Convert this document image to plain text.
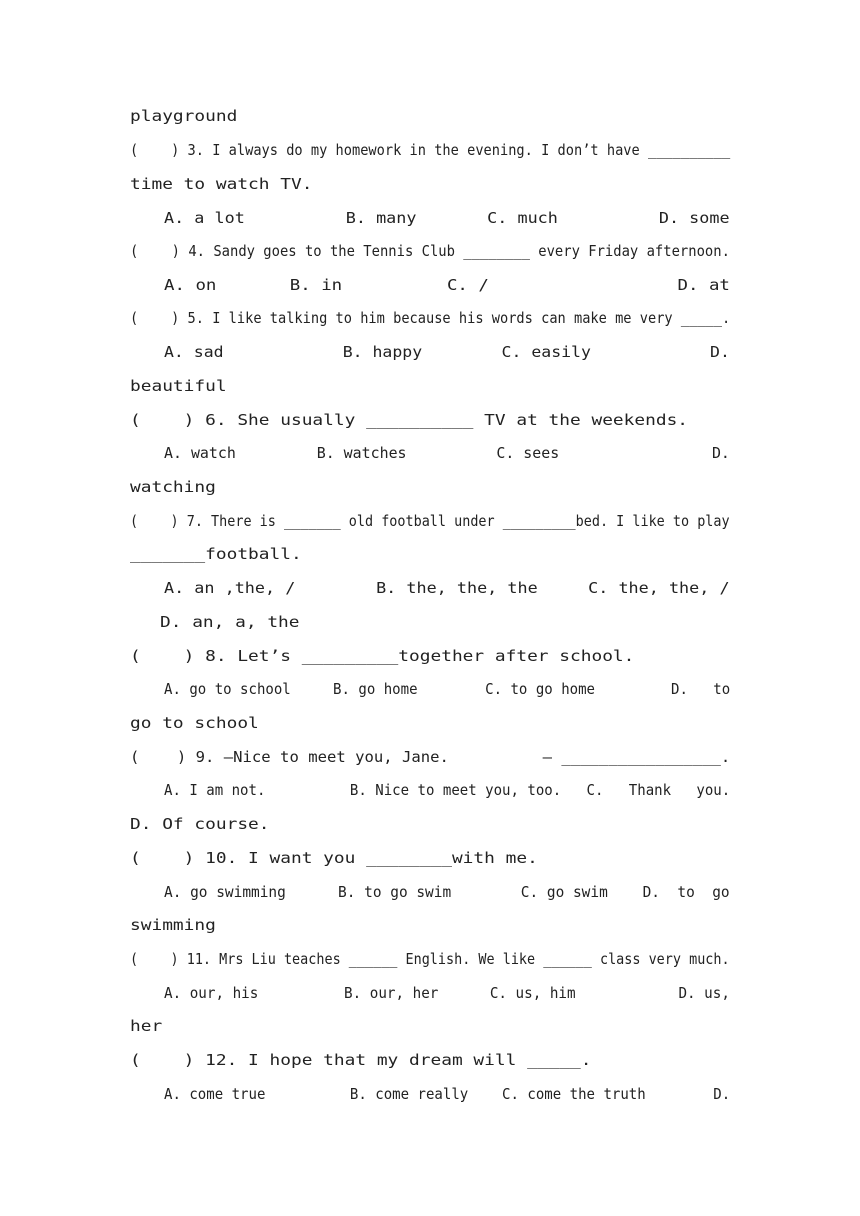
playground
(    ) 3. I always do my homework in the evening. I don’t have __________
time to watch TV.
A. a lot          B. many       C. much          D. some
(    ) 4. Sandy goes to the Tennis Club ________ every Friday afternoon.
A. on       B. in          C. /                  D. at
(    ) 5. I like talking to him because his words can make me very _____.
A. sad            B. happy        C. easily            D.
beautiful
(    ) 6. She usually __________ TV at the weekends.
A. watch         B. watches          C. sees                 D.
watching
(    ) 7. There is _______ old football under _________bed. I like to play
_______football.
A. an ,the, /        B. the, the, the     C. the, the, /
D. an, a, the
(    ) 8. Let’s _________together after school.
A. go to school     B. go home        C. to go home         D.   to
go to school
(    ) 9. —Nice to meet you, Jane.          — _________________.
A. I am not.          B. Nice to meet you, too.   C.   Thank   you.
D. Of course.
(    ) 10. I want you ________with me.
A. go swimming      B. to go swim        C. go swim    D.  to  go
swimming
(    ) 11. Mrs Liu teaches ______ English. We like ______ class very much.
A. our, his          B. our, her      C. us, him            D. us,
her
(    ) 12. I hope that my dream will _____.
A. come true          B. come really    C. come the truth        D.
